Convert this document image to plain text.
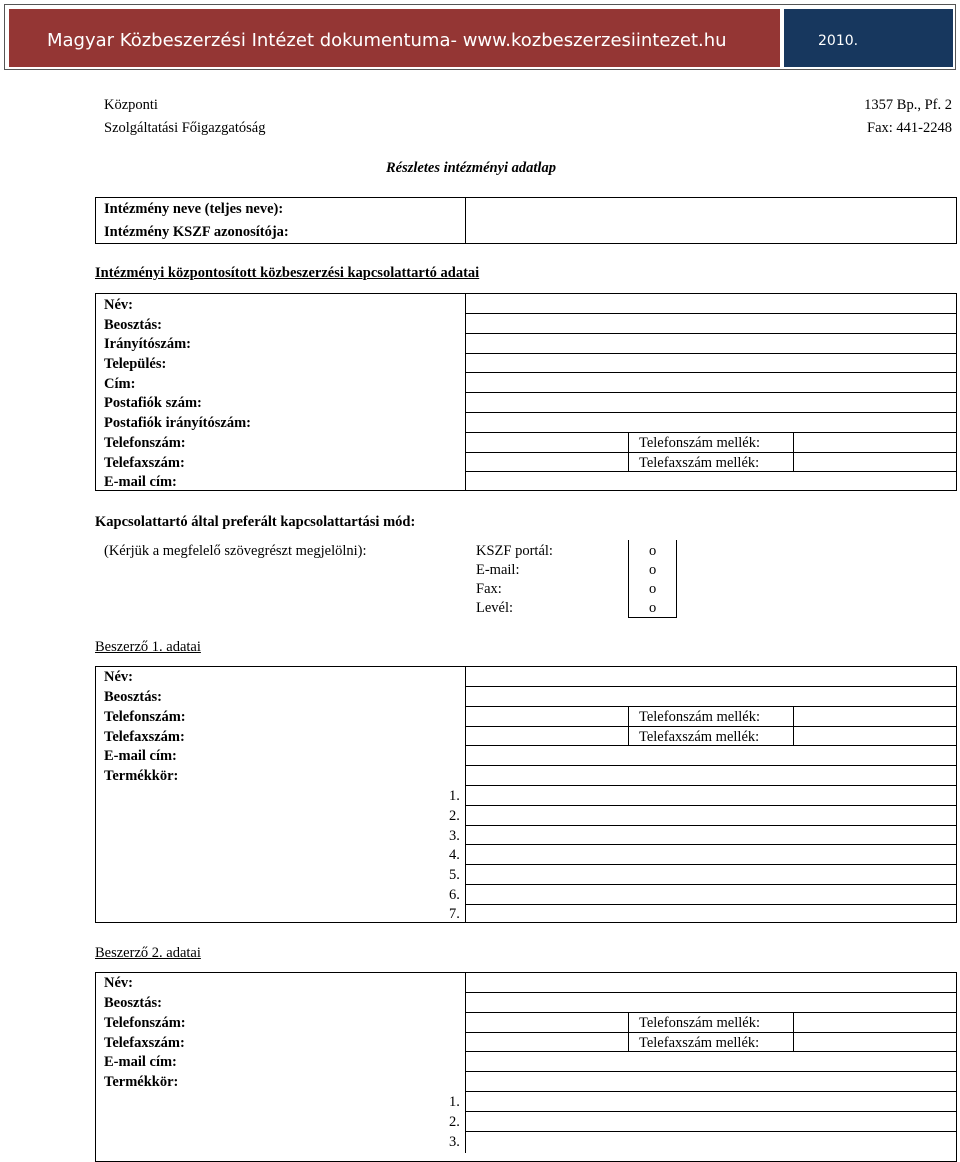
Magyar Közbeszerzési Intézet dokumentuma- www.kozbeszerzesiintezet.hu	2010.
Központi
Szolgáltatási Főigazgatóság
1357 Bp., Pf. 2
Fax: 441-2248
Részletes intézményi adatlap
Intézmény neve (teljes neve):
Intézmény KSZF azonosítója:
Intézményi központosított közbeszerzési kapcsolattartó adatai
Név:
Beosztás:
Irányítószám:
Település:
Cím:
Postafiók szám:
Postafiók irányítószám:
Telefonszám:
Telefaxszám:
E-mail cím:
Telefonszám mellék:
Telefaxszám mellék:
Kapcsolattartó által preferált kapcsolattartási mód:
(Kérjük a megfelelő szövegrészt megjelölni):	KSZF portál:
E-mail:
Fax:
Levél:
o
o
o
o
Beszerző 1. adatai
Név:
Beosztás:
Telefonszám:
Telefaxszám:
E-mail cím:
Termékkör:
Telefonszám mellék:
Telefaxszám mellék:
1.
2.
3.
4.
5.
6.
7.
Beszerző 2. adatai
Név:
Beosztás:
Telefonszám:
Telefaxszám:
E-mail cím:
Termékkör:
Telefonszám mellék:
Telefaxszám mellék:
1.
2.
3.
